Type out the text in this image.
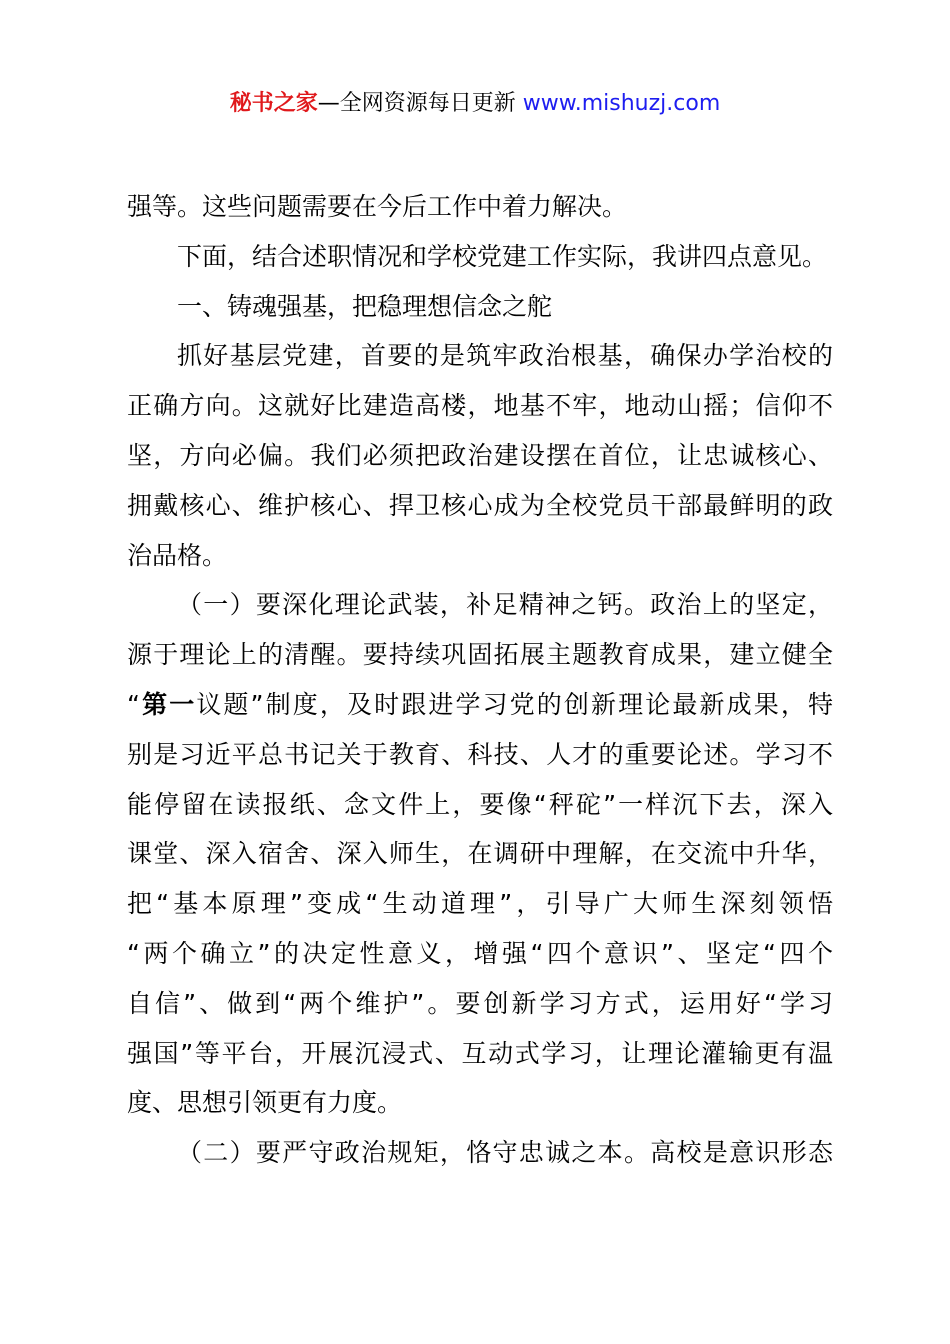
秘书之家—全网资源每日更新 www.mishuzj.com
强等。这些问题需要在今后工作中着力解决。
下面，结合述职情况和学校党建工作实际，我讲四点意见。
一、铸魂强基，把稳理想信念之舵
抓好基层党建，首要的是筑牢政治根基，确保办学治校的
正确方向。这就好比建造高楼，地基不牢，地动山摇；信仰不
坚，方向必偏。我们必须把政治建设摆在首位，让忠诚核心、
拥戴核心、维护核心、捍卫核心成为全校党员干部最鲜明的政
治品格。
（一）要深化理论武装，补足精神之钙。政治上的坚定，
源于理论上的清醒。要持续巩固拓展主题教育成果，建立健全
“第一议题”制度，及时跟进学习党的创新理论最新成果，特
别是习近平总书记关于教育、科技、人才的重要论述。学习不
能停留在读报纸、念文件上，要像“秤砣”一样沉下去，深入
课堂、深入宿舍、深入师生，在调研中理解，在交流中升华，
把“基本原理”变成“生动道理”，引导广大师生深刻领悟
“两个确立”的决定性意义，增强“四个意识”、坚定“四个
自信”、做到“两个维护”。要创新学习方式，运用好“学习
强国”等平台，开展沉浸式、互动式学习，让理论灌输更有温
度、思想引领更有力度。
（二）要严守政治规矩，恪守忠诚之本。高校是意识形态
